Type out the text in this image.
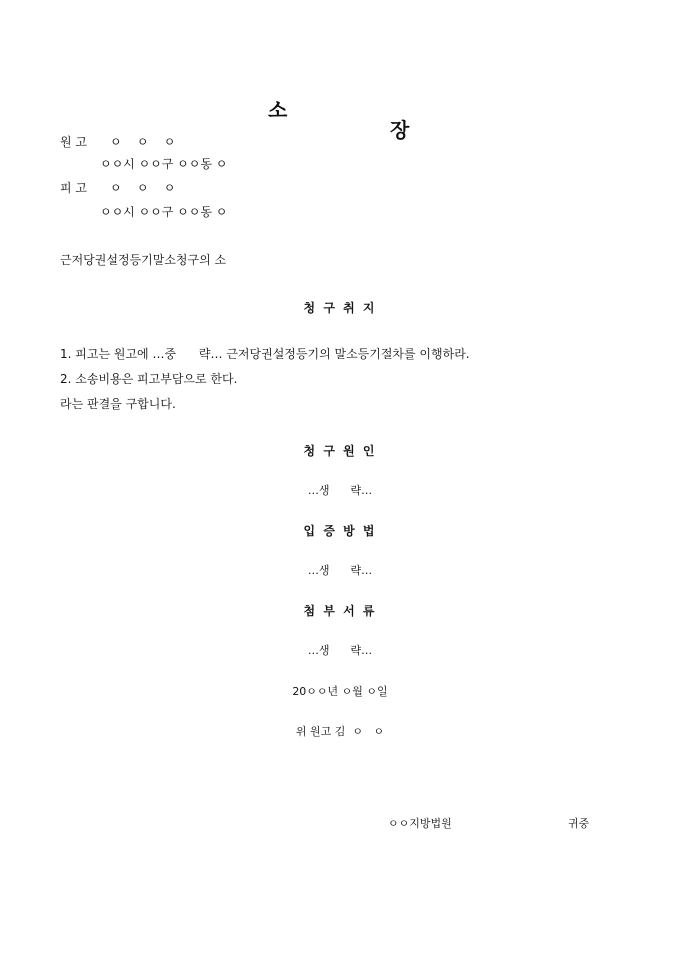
소

장

원 고	ㅇ    ㅇ    ㅇ
ㅇㅇ시 ㅇㅇ구 ㅇㅇ동 ㅇ
피 고	ㅇ    ㅇ    ㅇ
ㅇㅇ시 ㅇㅇ구 ㅇㅇ동 ㅇ
근저당권설정등기말소청구의 소
청 구 취 지
1. 피고는 원고에 …중      략… 근저당권설정등기의 말소등기절차를 이행하라.
2. 소송비용은 피고부담으로 한다.
라는 판결을 구합니다.
청 구 원 인
…생      략…
입 증 방 법
…생      략…
첨 부 서 류
…생      략…
20ㅇㅇ년 ㅇ월 ㅇ일
위 원고 김  ㅇ   ㅇ
ㅇㅇ지방법원	귀중
